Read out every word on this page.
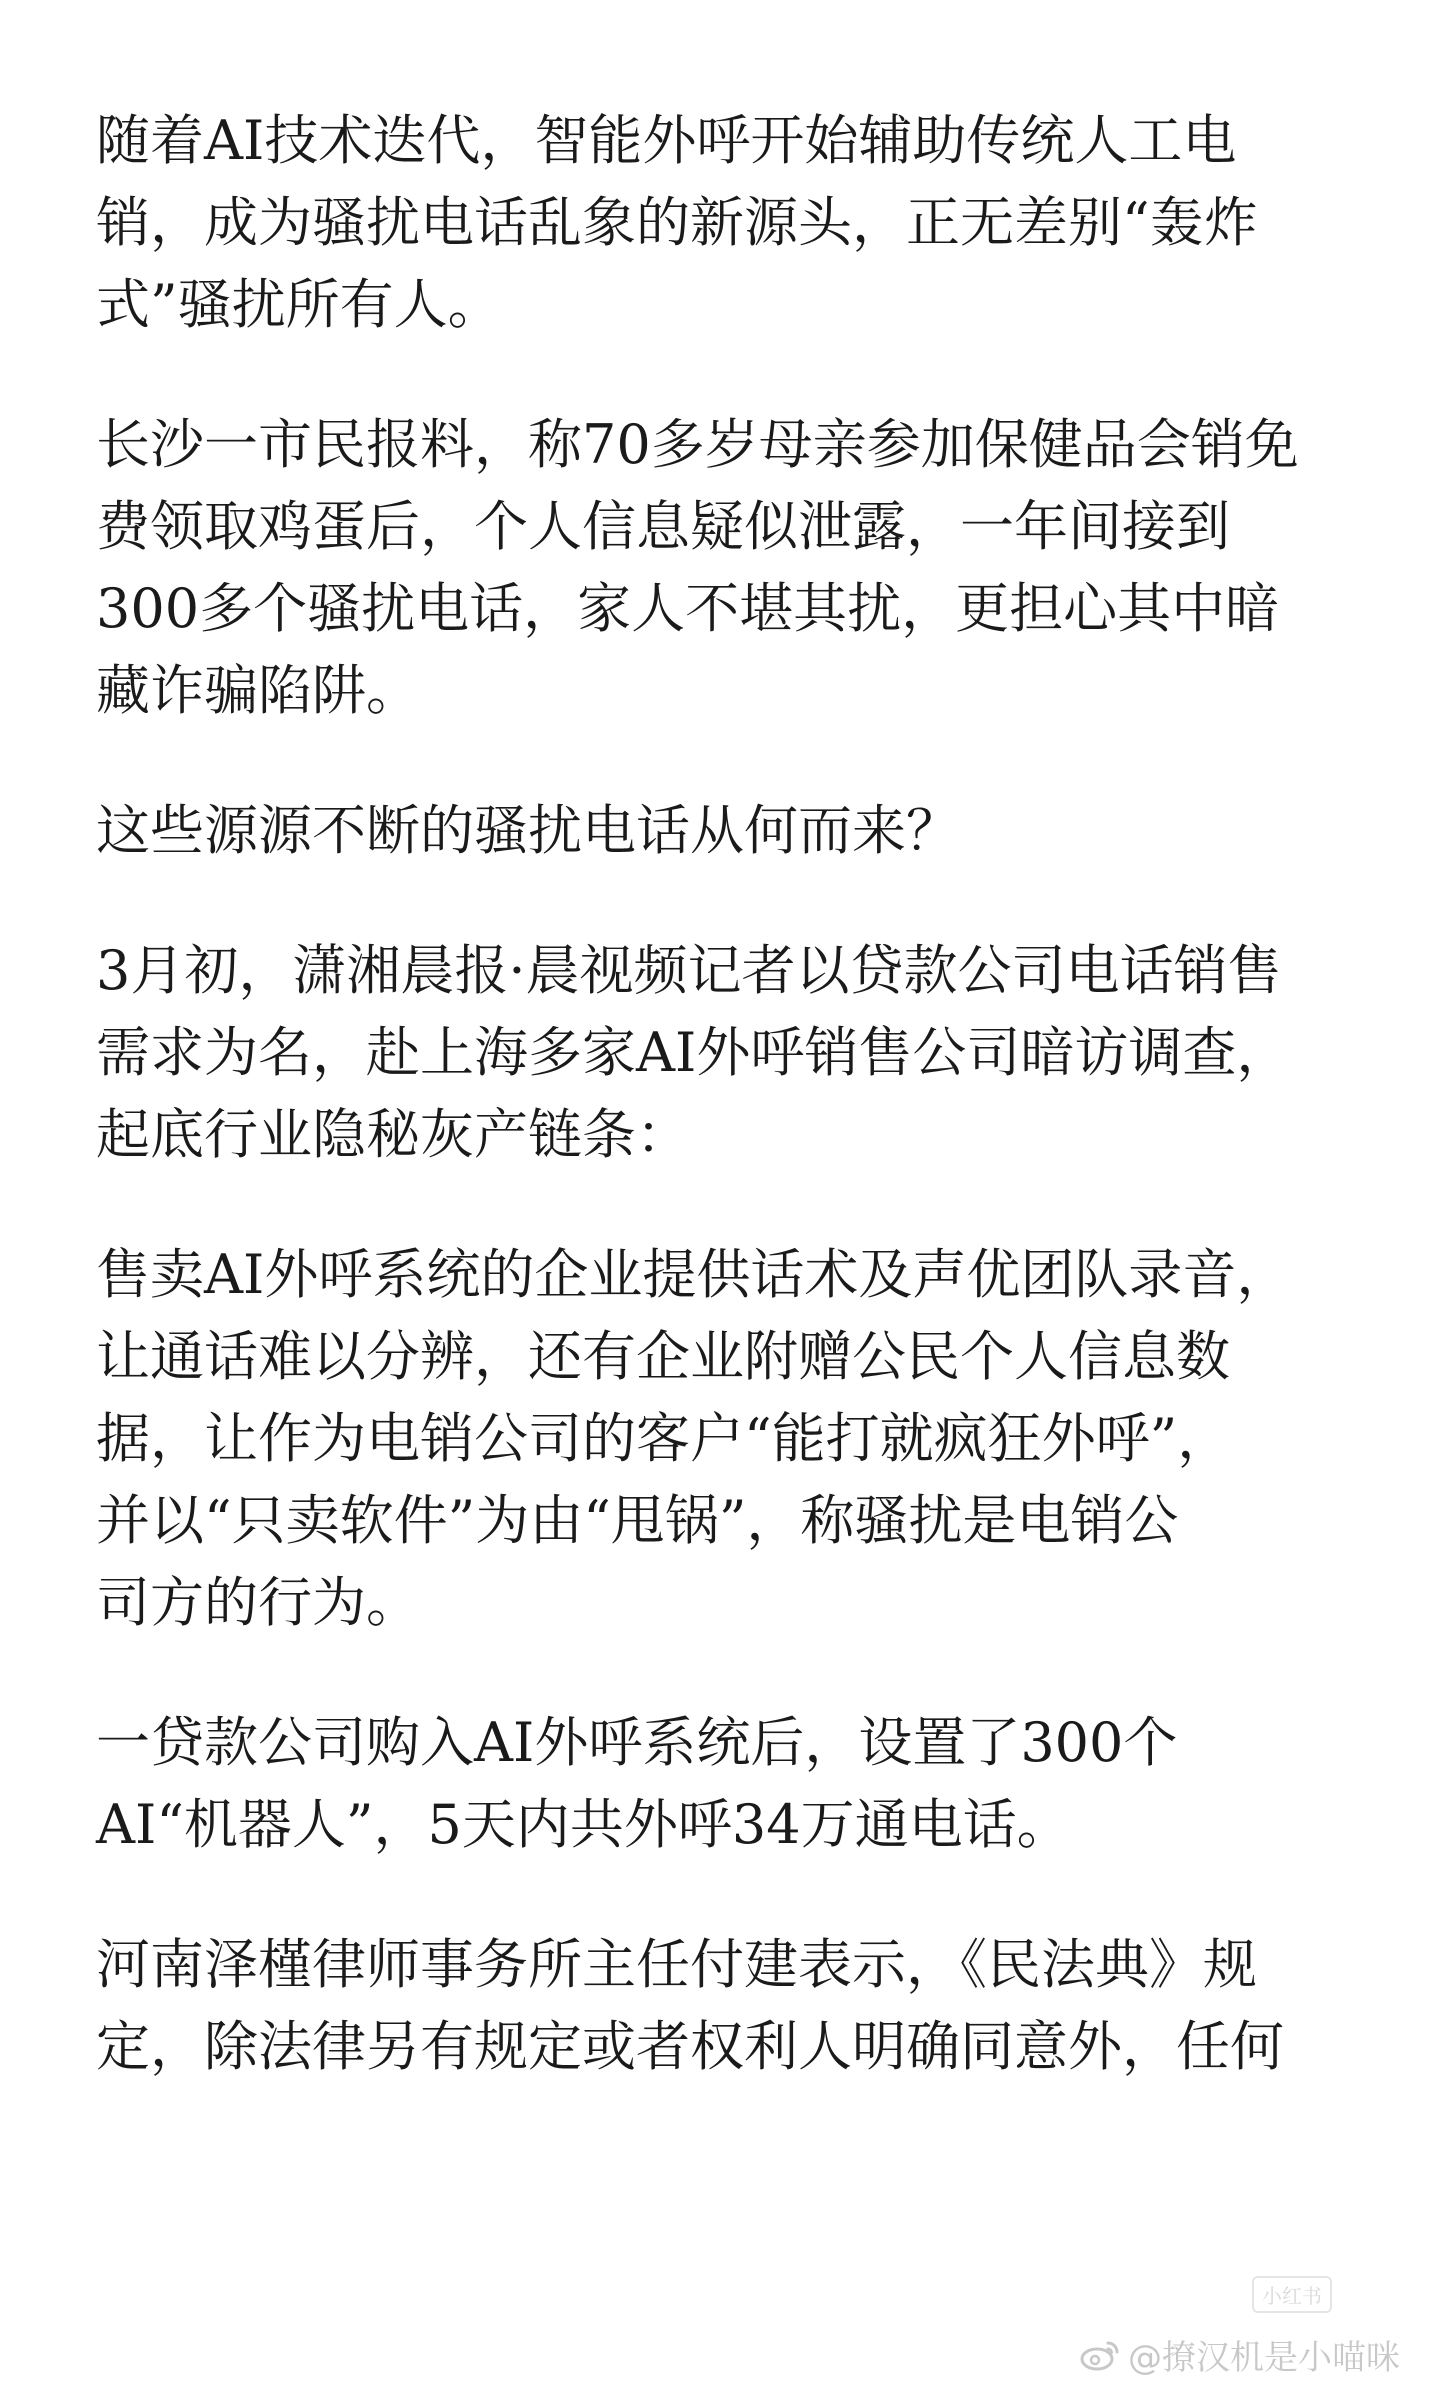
随着AI技术迭代，智能外呼开始辅助传统人工电
销，成为骚扰电话乱象的新源头，正无差别“轰炸
式”骚扰所有人。
长沙一市民报料，称70多岁母亲参加保健品会销免
费领取鸡蛋后，个人信息疑似泄露，一年间接到
300多个骚扰电话，家人不堪其扰，更担心其中暗
藏诈骗陷阱。
这些源源不断的骚扰电话从何而来？
3月初，潇湘晨报·晨视频记者以贷款公司电话销售
需求为名，赴上海多家AI外呼销售公司暗访调查，
起底行业隐秘灰产链条：
售卖AI外呼系统的企业提供话术及声优团队录音，
让通话难以分辨，还有企业附赠公民个人信息数
据，让作为电销公司的客户“能打就疯狂外呼”，
并以“只卖软件”为由“甩锅”，称骚扰是电销公
司方的行为。
一贷款公司购入AI外呼系统后，设置了300个
AI“机器人”，5天内共外呼34万通电话。
河南泽槿律师事务所主任付建表示，《民法典》规
定，除法律另有规定或者权利人明确同意外，任何
小红书
@撩汉机是小喵咪
